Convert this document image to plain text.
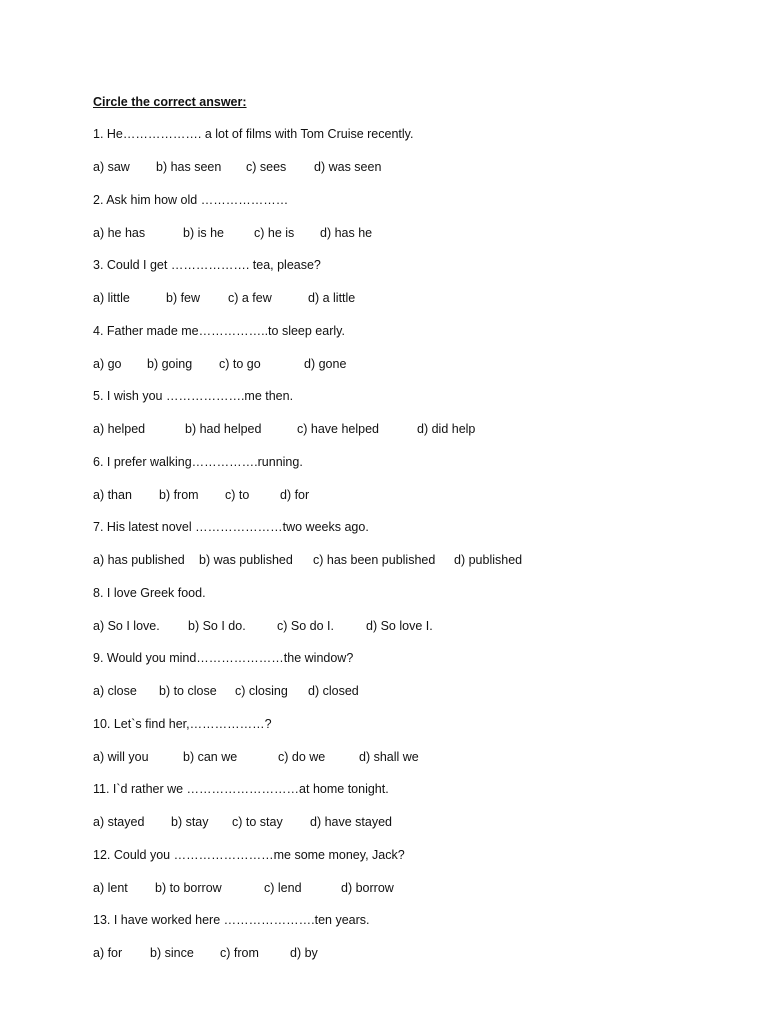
Circle the correct answer:
1. He………………. a lot of films with Tom Cruise recently.
a) saw b) has seen c) sees d) was seen
2. Ask him how old …………………
a) he has	b) is he c) he is d) has he
3. Could I get ………………. tea, please?
a) little	b) few c) a few	d) a little
4. Father made me……………..to sleep early.
a) go b) going c) to go	d) gone
5. I wish you ……………….me then.
a) helped	b) had helped	c) have helped	d) did help
6. I prefer walking…………….running.
a) than b) from c) to d) for
7. His latest novel …………………two weeks ago.
a) has published b) was published c) has been published d) published
8. I love Greek food.
a) So I love. b) So I do.	c) So do I.	d) So love I.
9. Would you mind…………………the window?
a) close b) to close c) closing d) closed
10. Let`s find her,………………?
a) will you	b) can we	c) do we	d) shall we
11. I`d rather we ………………………at home tonight.
a) stayed b) stay c) to stay d) have stayed
12. Could you ……………………me some money, Jack?
a) lent b) to borrow	c) lend	d) borrow
13. I have worked here ………………….ten years.
a) for b) since c) from d) by
